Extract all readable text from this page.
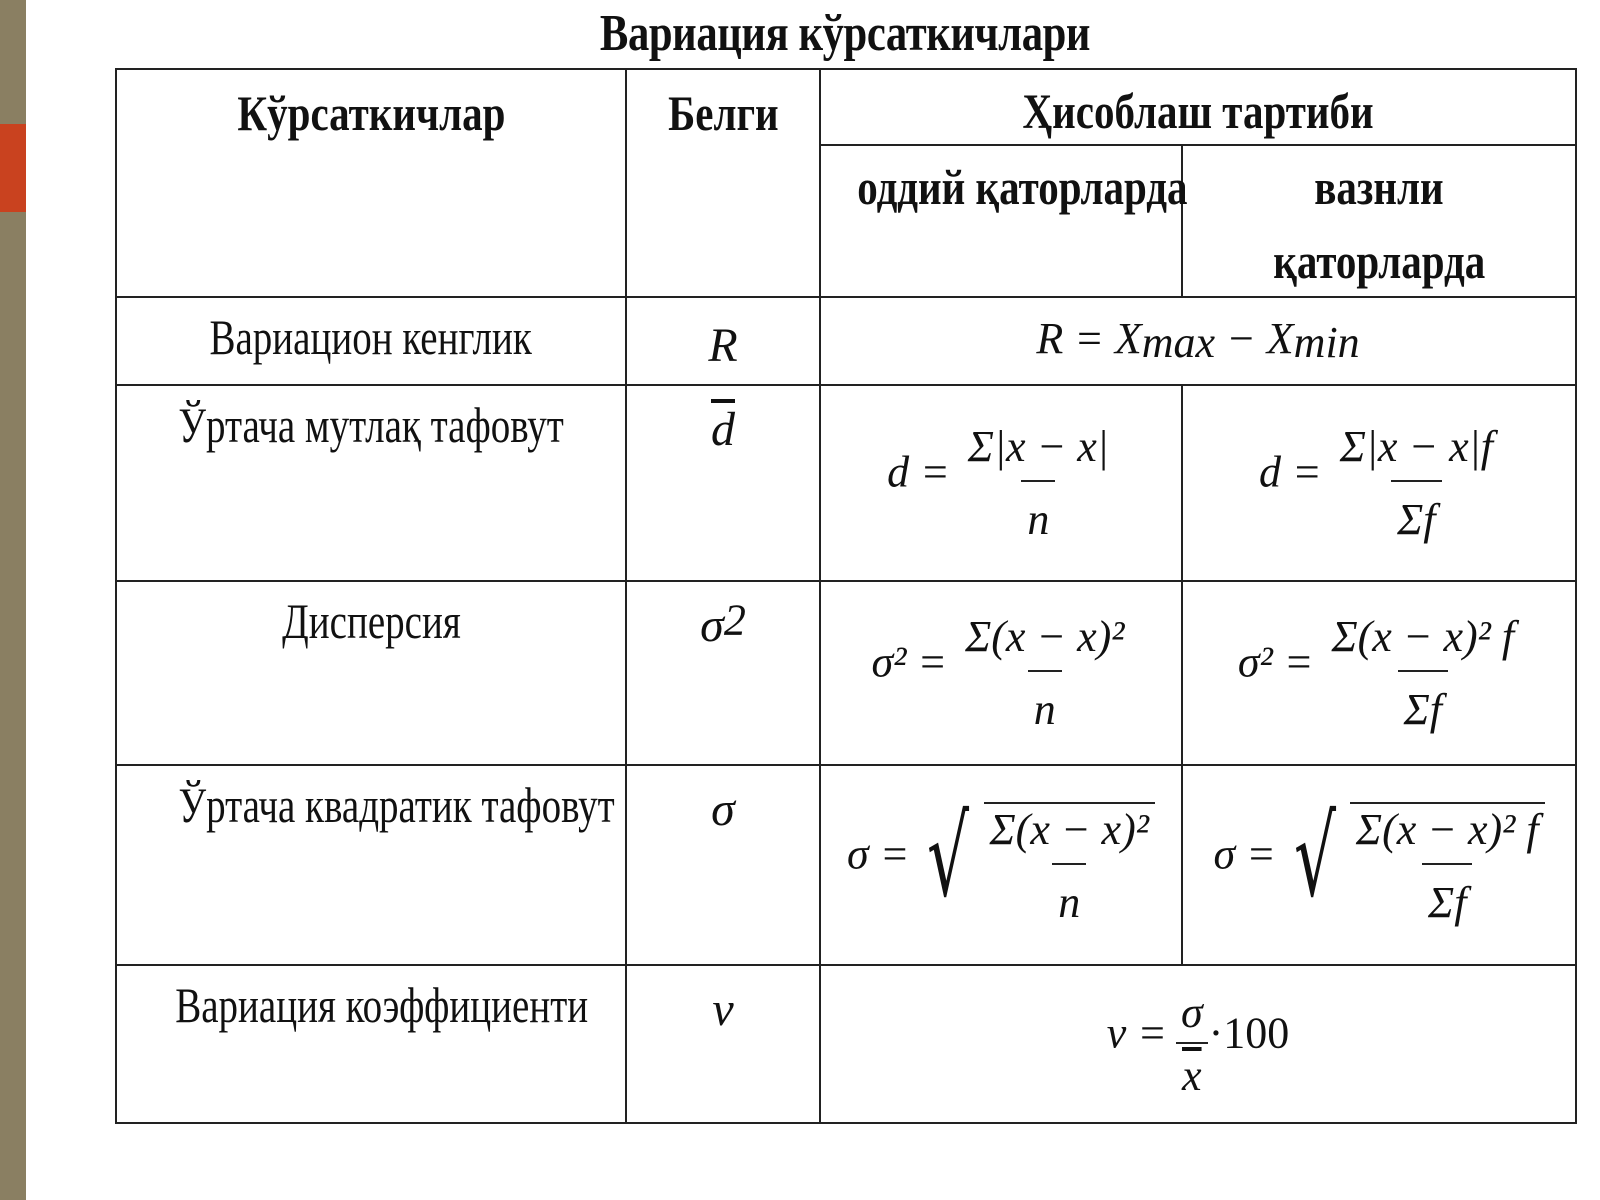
Вариация кўрсаткичлари
Кўрсаткичлар	Белги	Ҳисоблаш тартиби	
		оддий қаторларда	вазнли
қаторларда
Вариацион кенглик	R	$R = X_{max} - X_{min}$
Ўртача мутлақ тафовут	$\overline{d}$	$d = \frac{\Sigma|x - x|}{n}$	$d = \frac{\Sigma|x - x|f}{\Sigma f}$

Дисперсия	$\sigma^2$	$\sigma^2 = \frac{\text{Σ(x − x)²}}{n}$	$\sigma^2 = \frac{\text{Σ(x − x)² f}}{\Sigma f}$

Ўртача квадратик тафовут	σ	σ = √ $\frac{\text{Σ(x − x)²}}{n}$	σ = √ $\frac{\text{Σ(x − x)² f}}{\Sigma f}$

Вариация коэффициенти	v	$v = \frac{\sigma}{x} \cdot 100$	
